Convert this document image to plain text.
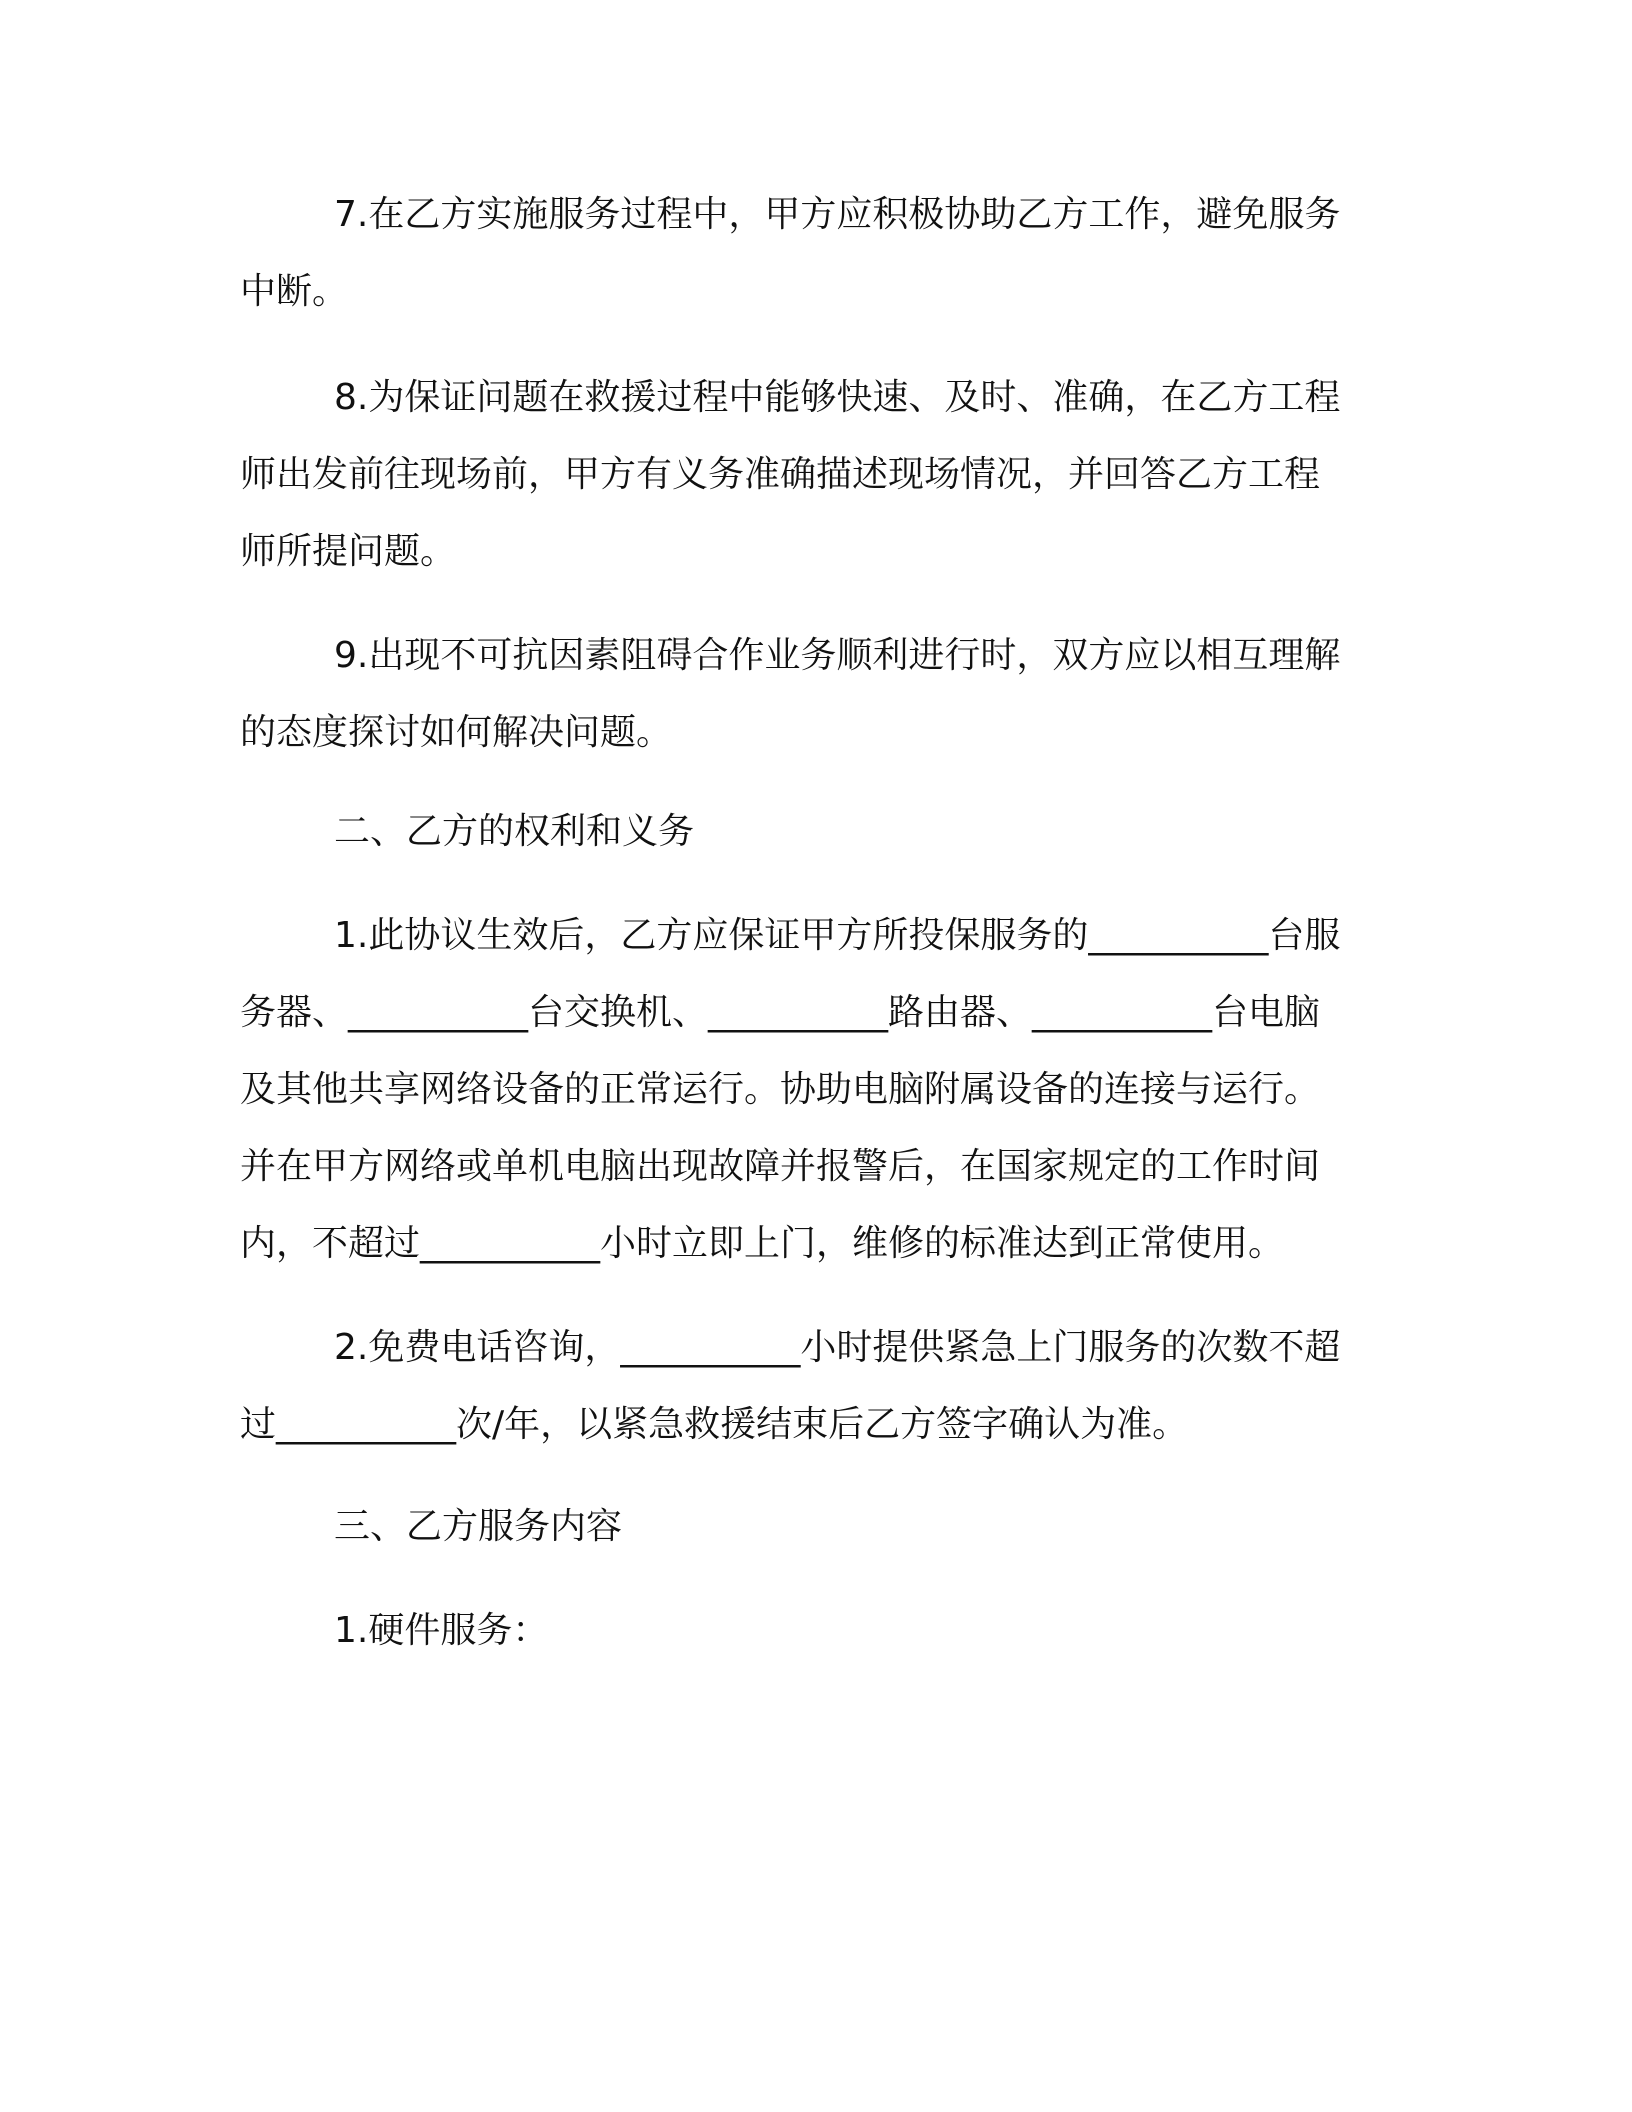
7.在乙方实施服务过程中，甲方应积极协助乙方工作，避免服务
中断。
8.为保证问题在救援过程中能够快速、及时、准确，在乙方工程
师出发前往现场前，甲方有义务准确描述现场情况，并回答乙方工程
师所提问题。
9.出现不可抗因素阻碍合作业务顺利进行时，双方应以相互理解
的态度探讨如何解决问题。
二、乙方的权利和义务
1.此协议生效后，乙方应保证甲方所投保服务的__________台服
务器、__________台交换机、__________路由器、__________台电脑
及其他共享网络设备的正常运行。协助电脑附属设备的连接与运行。
并在甲方网络或单机电脑出现故障并报警后，在国家规定的工作时间
内，不超过__________小时立即上门，维修的标准达到正常使用。
2.免费电话咨询，__________小时提供紧急上门服务的次数不超
过__________次/年，以紧急救援结束后乙方签字确认为准。
三、乙方服务内容
1.硬件服务：
